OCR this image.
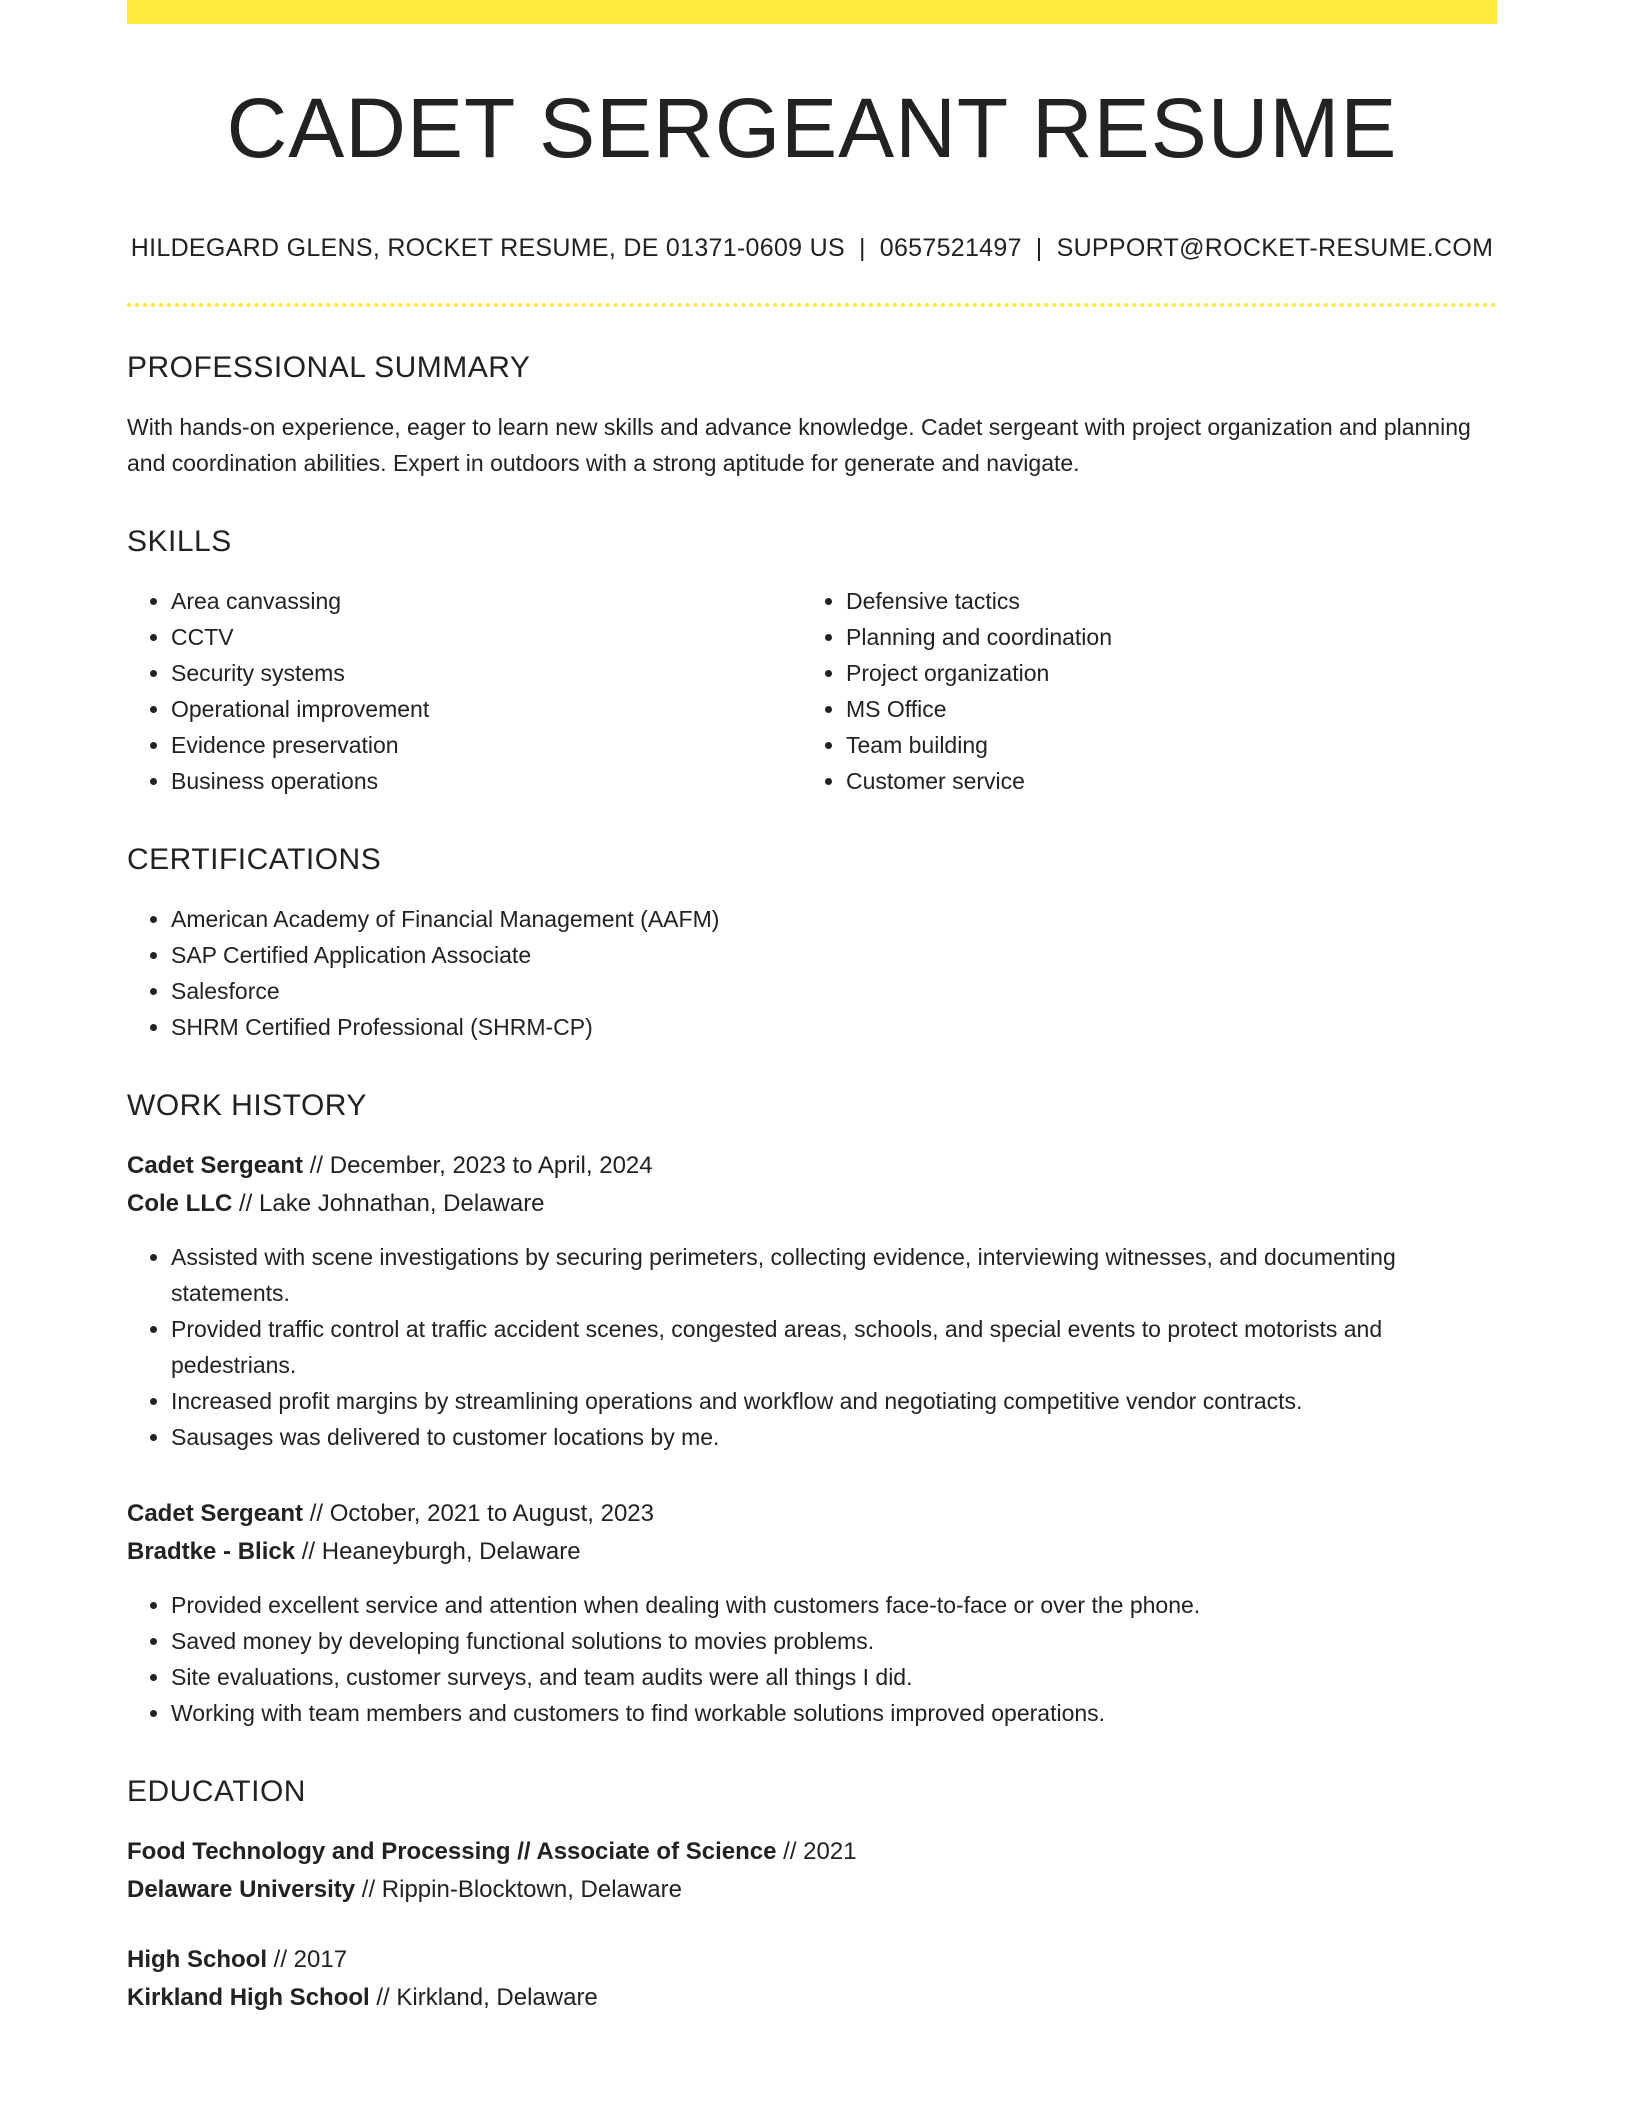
CADET SERGEANT RESUME
HILDEGARD GLENS, ROCKET RESUME, DE 01371-0609 US | 0657521497 | SUPPORT@ROCKET-RESUME.COM
PROFESSIONAL SUMMARY
With hands-on experience, eager to learn new skills and advance knowledge. Cadet sergeant with project organization and planning and coordination abilities. Expert in outdoors with a strong aptitude for generate and navigate.
SKILLS
• Area canvassing
• CCTV
• Security systems
• Operational improvement
• Evidence preservation
• Business operations
• Defensive tactics
• Planning and coordination
• Project organization
• MS Office
• Team building
• Customer service
CERTIFICATIONS
• American Academy of Financial Management (AAFM)
• SAP Certified Application Associate
• Salesforce
• SHRM Certified Professional (SHRM-CP)
WORK HISTORY
Cadet Sergeant // December, 2023 to April, 2024
Cole LLC // Lake Johnathan, Delaware
• Assisted with scene investigations by securing perimeters, collecting evidence, interviewing witnesses, and documenting statements.
• Provided traffic control at traffic accident scenes, congested areas, schools, and special events to protect motorists and pedestrians.
• Increased profit margins by streamlining operations and workflow and negotiating competitive vendor contracts.
• Sausages was delivered to customer locations by me.
Cadet Sergeant // October, 2021 to August, 2023
Bradtke - Blick // Heaneyburgh, Delaware
• Provided excellent service and attention when dealing with customers face-to-face or over the phone.
• Saved money by developing functional solutions to movies problems.
• Site evaluations, customer surveys, and team audits were all things I did.
• Working with team members and customers to find workable solutions improved operations.
EDUCATION
Food Technology and Processing // Associate of Science // 2021
Delaware University // Rippin-Blocktown, Delaware
High School // 2017
Kirkland High School // Kirkland, Delaware
